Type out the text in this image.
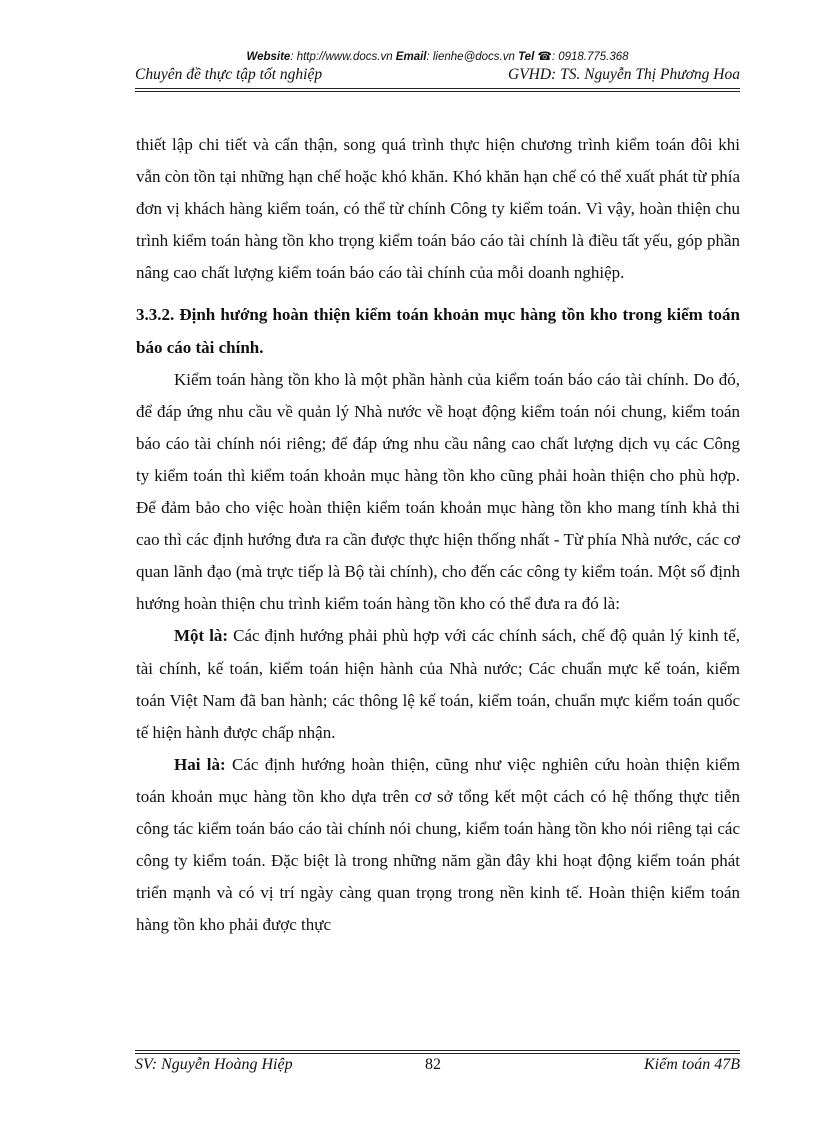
Website: http://www.docs.vn Email: lienhe@docs.vn Tel ☎: 0918.775.368
Chuyên đề thực tập tốt nghiệp	GVHD: TS. Nguyễn Thị Phương Hoa

thiết lập chi tiết và cẩn thận, song quá trình thực hiện chương trình kiểm toán đôi khi vẫn còn tồn tại những hạn chế hoặc khó khăn. Khó khăn hạn chế có thể xuất phát từ phía đơn vị khách hàng kiểm toán, có thể từ chính Công ty kiểm toán. Vì vậy, hoàn thiện chu trình kiểm toán hàng tồn kho trọng kiểm toán báo cáo tài chính là điều tất yếu, góp phần nâng cao chất lượng kiểm toán báo cáo tài chính của mỗi doanh nghiệp.

3.3.2. Định hướng hoàn thiện kiểm toán khoản mục hàng tồn kho trong kiểm toán báo cáo tài chính.

Kiểm toán hàng tồn kho là một phần hành của kiểm toán báo cáo tài chính. Do đó, để đáp ứng nhu cầu về quản lý Nhà nước về hoạt động kiểm toán nói chung, kiểm toán báo cáo tài chính nói riêng; để đáp ứng nhu cầu nâng cao chất lượng dịch vụ các Công ty kiểm toán thì kiểm toán khoản mục hàng tồn kho cũng phải hoàn thiện cho phù hợp. Để đảm bảo cho việc hoàn thiện kiểm toán khoản mục hàng tồn kho mang tính khả thi cao thì các định hướng đưa ra cần được thực hiện thống nhất - Từ phía Nhà nước, các cơ quan lãnh đạo (mà trực tiếp là Bộ tài chính), cho đến các công ty kiểm toán. Một số định hướng hoàn thiện chu trình kiểm toán hàng tồn kho có thể đưa ra đó là:

Một là: Các định hướng phải phù hợp với các chính sách, chế độ quản lý kinh tế, tài chính, kế toán, kiểm toán hiện hành của Nhà nước; Các chuẩn mực kế toán, kiểm toán Việt Nam đã ban hành; các thông lệ kế toán, kiểm toán, chuẩn mực kiểm toán quốc tế hiện hành được chấp nhận.

Hai là: Các định hướng hoàn thiện, cũng như việc nghiên cứu hoàn thiện kiểm toán khoản mục hàng tồn kho dựa trên cơ sở tổng kết một cách có hệ thống thực tiễn công tác kiểm toán báo cáo tài chính nói chung, kiểm toán hàng tồn kho nói riêng tại các công ty kiểm toán. Đặc biệt là trong những năm gần đây khi hoạt động kiểm toán phát triển mạnh và có vị trí ngày càng quan trọng trong nền kinh tế. Hoàn thiện kiểm toán hàng tồn kho phải được thực

SV: Nguyễn Hoàng Hiệp	82	Kiểm toán 47B
